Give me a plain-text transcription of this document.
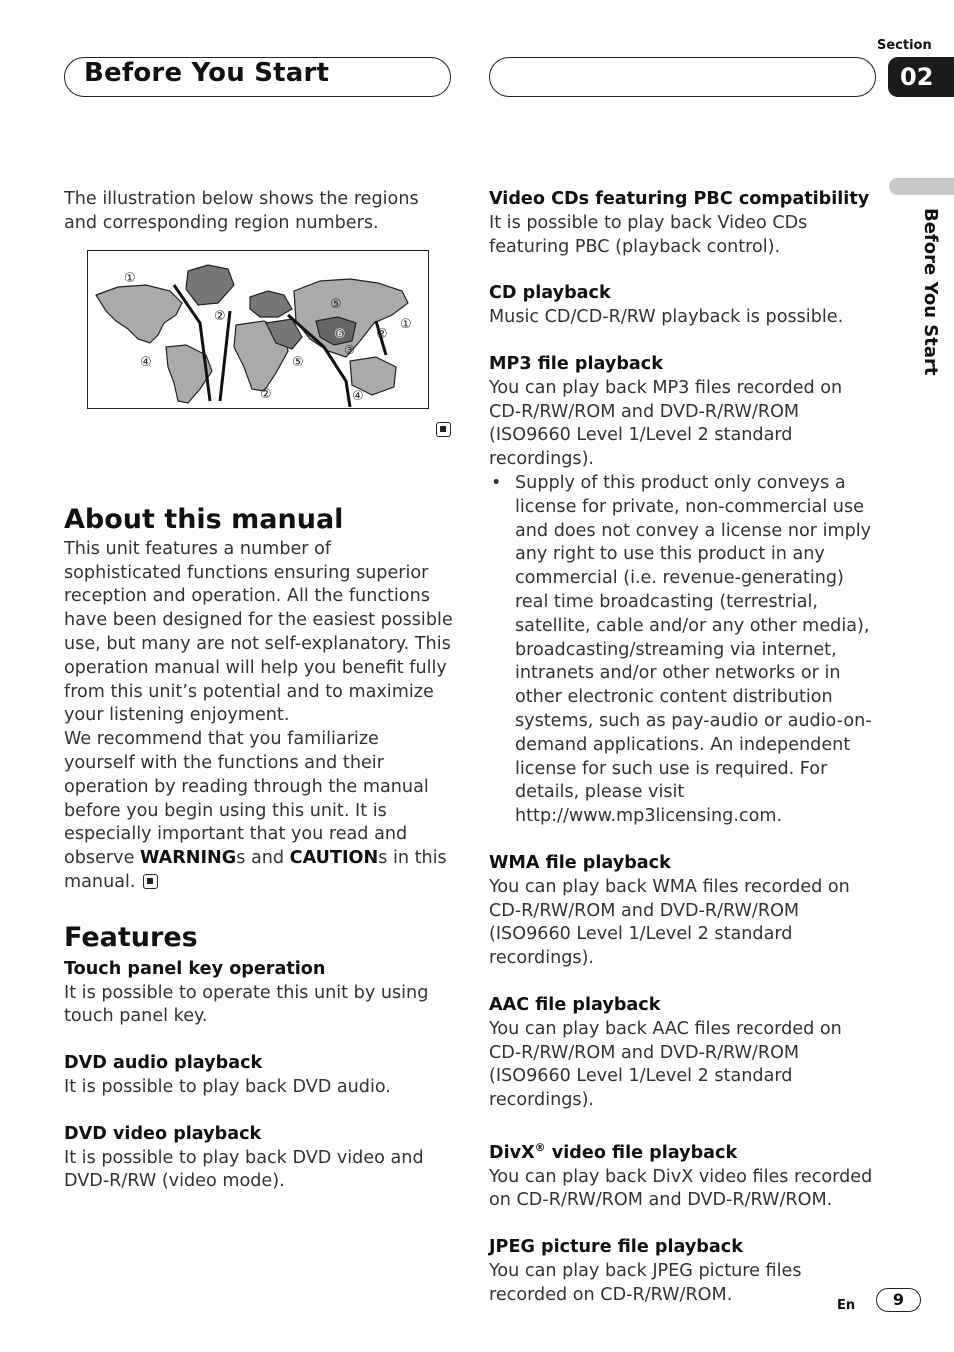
Before You Start
Section
02
Before You Start

The illustration below shows the regions and corresponding region numbers.

①
②
④
⑤
⑥
③
②
①
⑤
②	④
About this manual

This unit features a number of sophisticated functions ensuring superior reception and operation. All the functions have been designed for the easiest possible use, but many are not self-explanatory. This operation manual will help you benefit fully from this unit’s potential and to maximize your listening enjoyment.

We recommend that you familiarize yourself with the functions and their operation by reading through the manual before you begin using this unit. It is especially important that you read and observe WARNINGs and CAUTIONs in this manual.

Features
Touch panel key operation

It is possible to operate this unit by using touch panel key.

DVD audio playback

It is possible to play back DVD audio.

DVD video playback

It is possible to play back DVD video and DVD-R/RW (video mode).

Video CDs featuring PBC compatibility

It is possible to play back Video CDs featuring PBC (playback control).

CD playback

Music CD/CD-R/RW playback is possible.

MP3 file playback

You can play back MP3 files recorded on CD-R/RW/ROM and DVD-R/RW/ROM (ISO9660 Level 1/Level 2 standard recordings).

• Supply of this product only conveys a license for private, non-commercial use and does not convey a license nor imply any right to use this product in any commercial (i.e. revenue-generating) real time broadcasting (terrestrial, satellite, cable and/or any other media), broadcasting/streaming via internet, intranets and/or other networks or in other electronic content distribution systems, such as pay-audio or audio-on-demand applications. An independent license for such use is required. For details, please visit http://www.mp3licensing.com.

WMA file playback

You can play back WMA files recorded on CD-R/RW/ROM and DVD-R/RW/ROM (ISO9660 Level 1/Level 2 standard recordings).

AAC file playback

You can play back AAC files recorded on CD-R/RW/ROM and DVD-R/RW/ROM (ISO9660 Level 1/Level 2 standard recordings).

DivX® video file playback

You can play back DivX video files recorded on CD-R/RW/ROM and DVD-R/RW/ROM.

JPEG picture file playback

You can play back JPEG picture files recorded on CD-R/RW/ROM.

En	9
